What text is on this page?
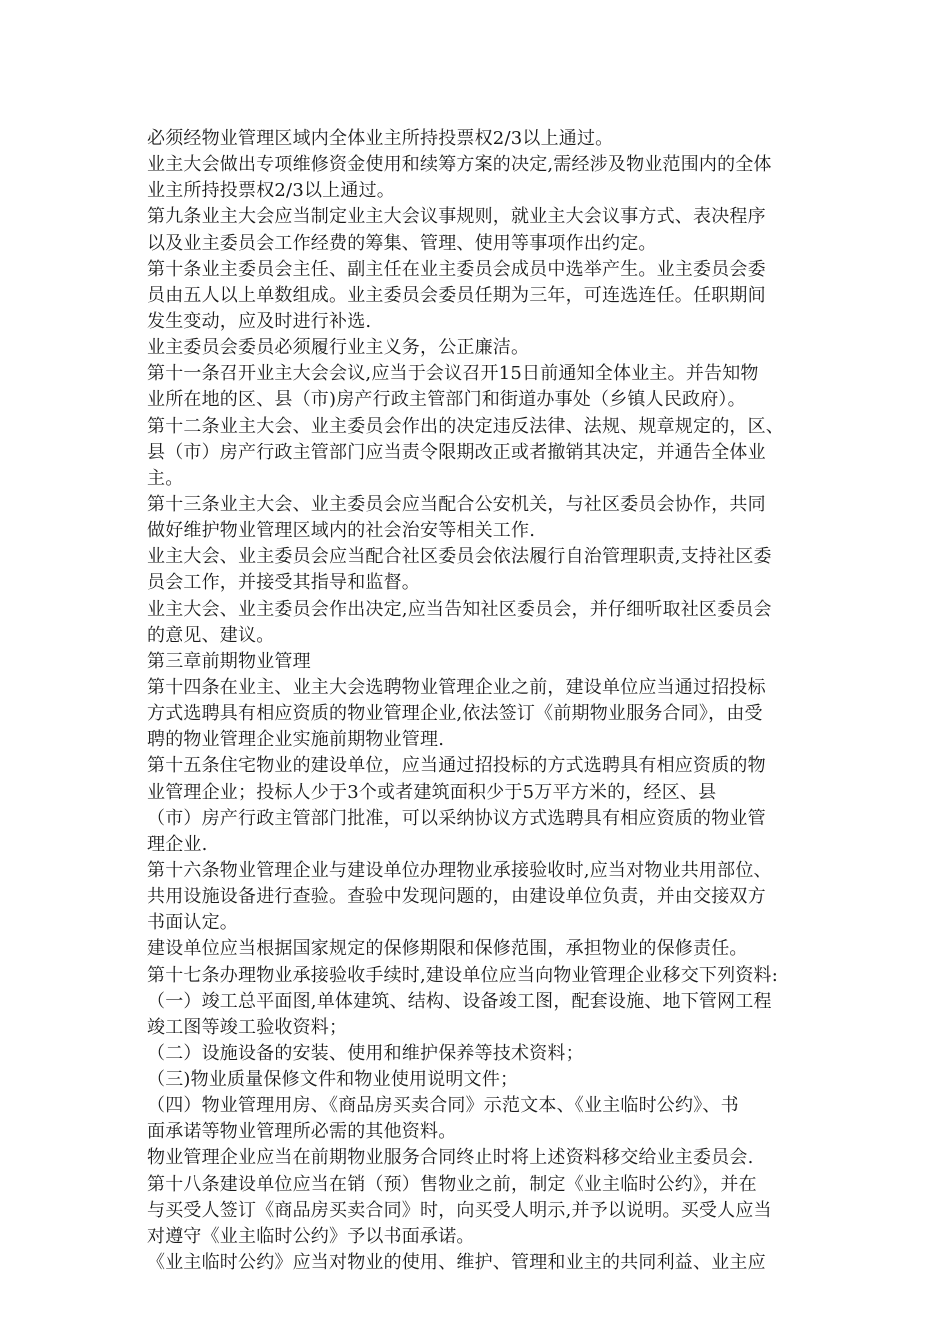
必须经物业管理区域内全体业主所持投票权2/3以上通过。
业主大会做出专项维修资金使用和续筹方案的决定,需经涉及物业范围内的全体
业主所持投票权2/3以上通过。
第九条业主大会应当制定业主大会议事规则，就业主大会议事方式、表决程序
以及业主委员会工作经费的筹集、管理、使用等事项作出约定。
第十条业主委员会主任、副主任在业主委员会成员中选举产生。业主委员会委
员由五人以上单数组成。业主委员会委员任期为三年，可连选连任。任职期间
发生变动，应及时进行补选.
业主委员会委员必须履行业主义务，公正廉洁。
第十一条召开业主大会会议,应当于会议召开15日前通知全体业主。并告知物
业所在地的区、县（市)房产行政主管部门和街道办事处（乡镇人民政府）。
第十二条业主大会、业主委员会作出的决定违反法律、法规、规章规定的，区、
县（市）房产行政主管部门应当责令限期改正或者撤销其决定，并通告全体业
主。
第十三条业主大会、业主委员会应当配合公安机关，与社区委员会协作，共同
做好维护物业管理区域内的社会治安等相关工作.
业主大会、业主委员会应当配合社区委员会依法履行自治管理职责,支持社区委
员会工作，并接受其指导和监督。
业主大会、业主委员会作出决定,应当告知社区委员会，并仔细听取社区委员会
的意见、建议。
第三章前期物业管理
第十四条在业主、业主大会选聘物业管理企业之前，建设单位应当通过招投标
方式选聘具有相应资质的物业管理企业,依法签订《前期物业服务合同》，由受
聘的物业管理企业实施前期物业管理.
第十五条住宅物业的建设单位，应当通过招投标的方式选聘具有相应资质的物
业管理企业；投标人少于3个或者建筑面积少于5万平方米的，经区、县
（市）房产行政主管部门批准，可以采纳协议方式选聘具有相应资质的物业管
理企业.
第十六条物业管理企业与建设单位办理物业承接验收时,应当对物业共用部位、
共用设施设备进行查验。查验中发现问题的，由建设单位负责，并由交接双方
书面认定。
建设单位应当根据国家规定的保修期限和保修范围，承担物业的保修责任。
第十七条办理物业承接验收手续时,建设单位应当向物业管理企业移交下列资料:
（一）竣工总平面图,单体建筑、结构、设备竣工图，配套设施、地下管网工程
竣工图等竣工验收资料；
（二）设施设备的安装、使用和维护保养等技术资料；
（三)物业质量保修文件和物业使用说明文件；
（四）物业管理用房、《商品房买卖合同》示范文本、《业主临时公约》、书
面承诺等物业管理所必需的其他资料。
物业管理企业应当在前期物业服务合同终止时将上述资料移交给业主委员会.
第十八条建设单位应当在销（预）售物业之前，制定《业主临时公约》，并在
与买受人签订《商品房买卖合同》时，向买受人明示,并予以说明。买受人应当
对遵守《业主临时公约》予以书面承诺。
《业主临时公约》应当对物业的使用、维护、管理和业主的共同利益、业主应
